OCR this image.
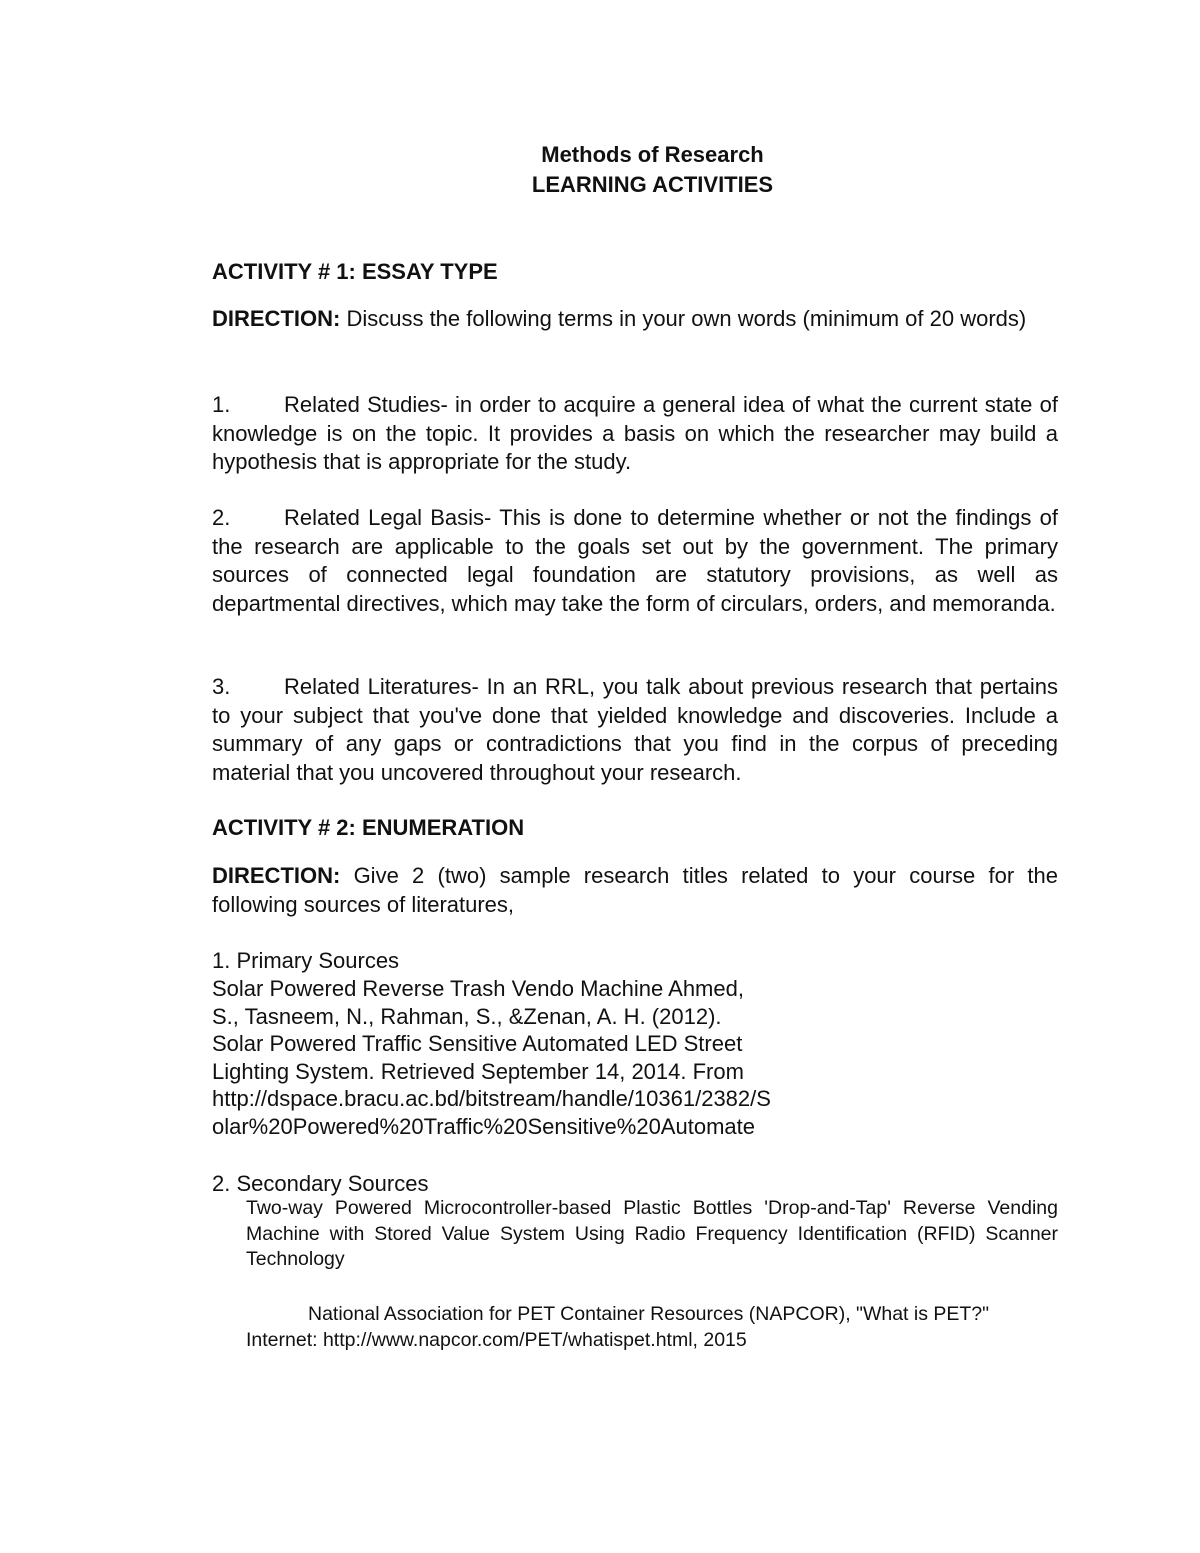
Methods of Research
LEARNING ACTIVITIES
ACTIVITY # 1: ESSAY TYPE
DIRECTION: Discuss the following terms in your own words (minimum of 20 words)
1. Related Studies- in order to acquire a general idea of what the current state of knowledge is on the topic. It provides a basis on which the researcher may build a hypothesis that is appropriate for the study.
2. Related Legal Basis- This is done to determine whether or not the findings of the research are applicable to the goals set out by the government. The primary sources of connected legal foundation are statutory provisions, as well as departmental directives, which may take the form of circulars, orders, and memoranda.
3. Related Literatures- In an RRL, you talk about previous research that pertains to your subject that you've done that yielded knowledge and discoveries. Include a summary of any gaps or contradictions that you find in the corpus of preceding material that you uncovered throughout your research.
ACTIVITY # 2: ENUMERATION
DIRECTION: Give 2 (two) sample research titles related to your course for the following sources of literatures,
1. Primary Sources
Solar Powered Reverse Trash Vendo Machine Ahmed,
S., Tasneem, N., Rahman, S., &Zenan, A. H. (2012).
Solar Powered Traffic Sensitive Automated LED Street
Lighting System. Retrieved September 14, 2014. From
http://dspace.bracu.ac.bd/bitstream/handle/10361/2382/S
olar%20Powered%20Traffic%20Sensitive%20Automate
2. Secondary Sources
Two-way Powered Microcontroller-based Plastic Bottles 'Drop-and-Tap' Reverse Vending Machine with Stored Value System Using Radio Frequency Identification (RFID) Scanner Technology
National Association for PET Container Resources (NAPCOR), "What is PET?"
Internet: http://www.napcor.com/PET/whatispet.html, 2015
